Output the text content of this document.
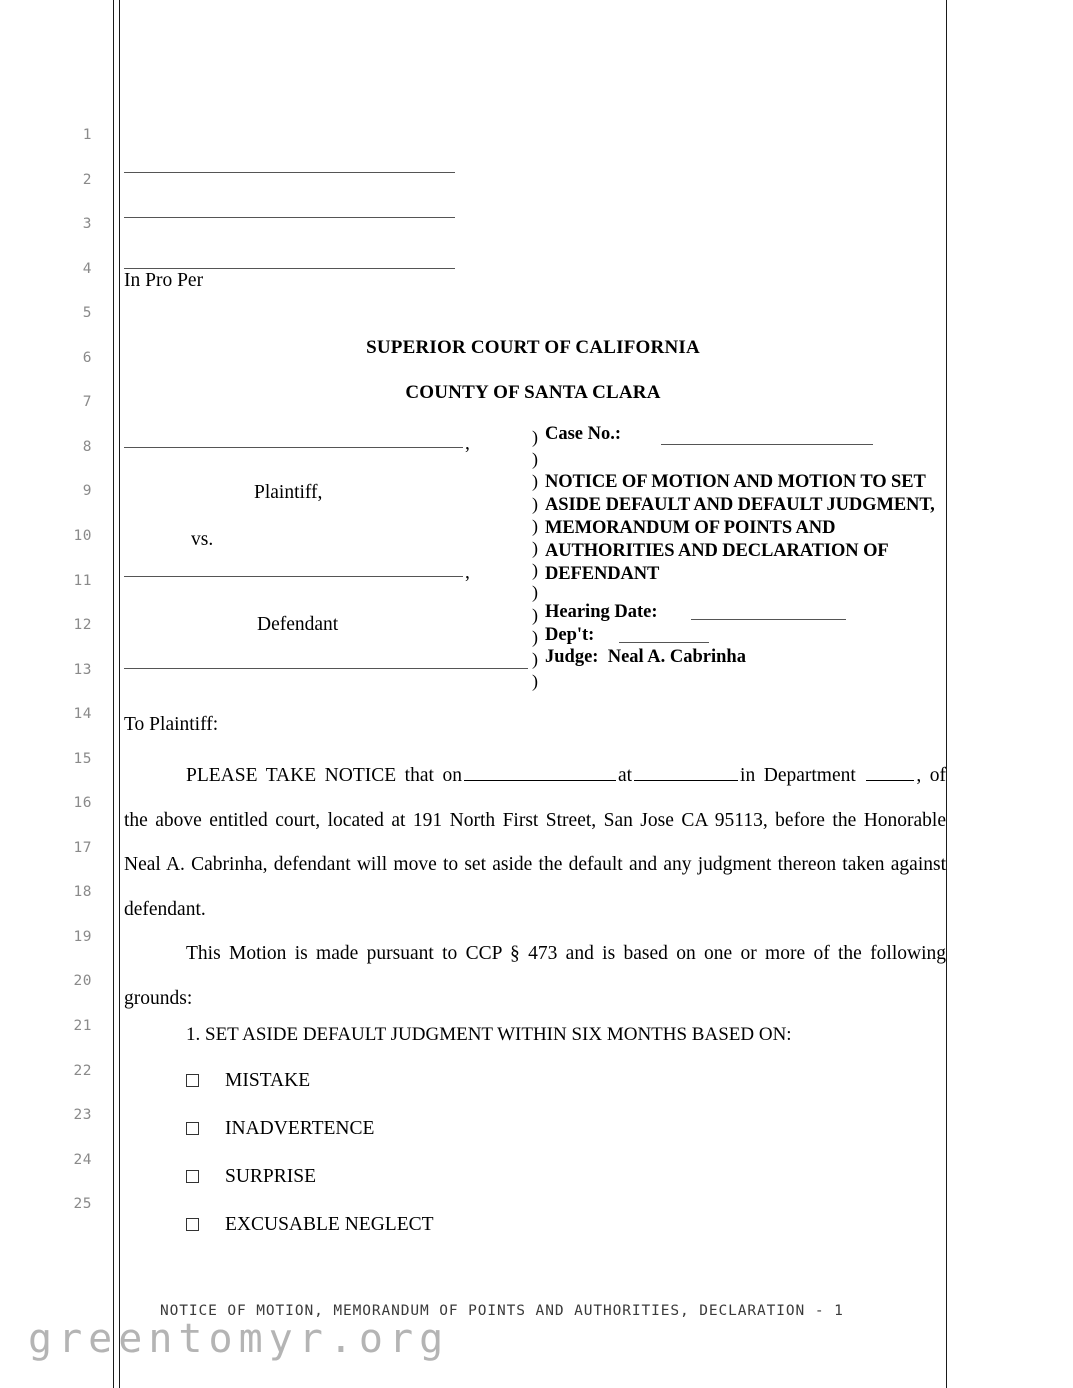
1
2
3
4
5
6
7
8
9
10
11
12
13
14
15
16
17
18
19
20
21
22
23
24
25
In Pro Per
SUPERIOR COURT OF CALIFORNIA
COUNTY OF SANTA CLARA
,
Plaintiff,
vs.
,
Defendant
)
)
)
)
)
)
)
)
)
)
)
)
Case No.:
NOTICE OF MOTION AND MOTION TO SET ASIDE DEFAULT AND DEFAULT JUDGMENT, MEMORANDUM OF POINTS AND AUTHORITIES AND DECLARATION OF DEFENDANT
Hearing Date:
Dep't:
Judge: Neal A. Cabrinha
To Plaintiff:
PLEASE TAKE NOTICE that on	at	in Department	, of the above entitled court, located at 191 North First Street, San Jose CA 95113, before the Honorable Neal A. Cabrinha, defendant will move to set aside the default and any judgment thereon taken against defendant.
This Motion is made pursuant to CCP § 473 and is based on one or more of the following grounds:
1. SET ASIDE DEFAULT JUDGMENT WITHIN SIX MONTHS BASED ON:
MISTAKE
INADVERTENCE
SURPRISE
EXCUSABLE NEGLECT
NOTICE OF MOTION, MEMORANDUM OF POINTS AND AUTHORITIES, DECLARATION - 1
greentomyr.org
